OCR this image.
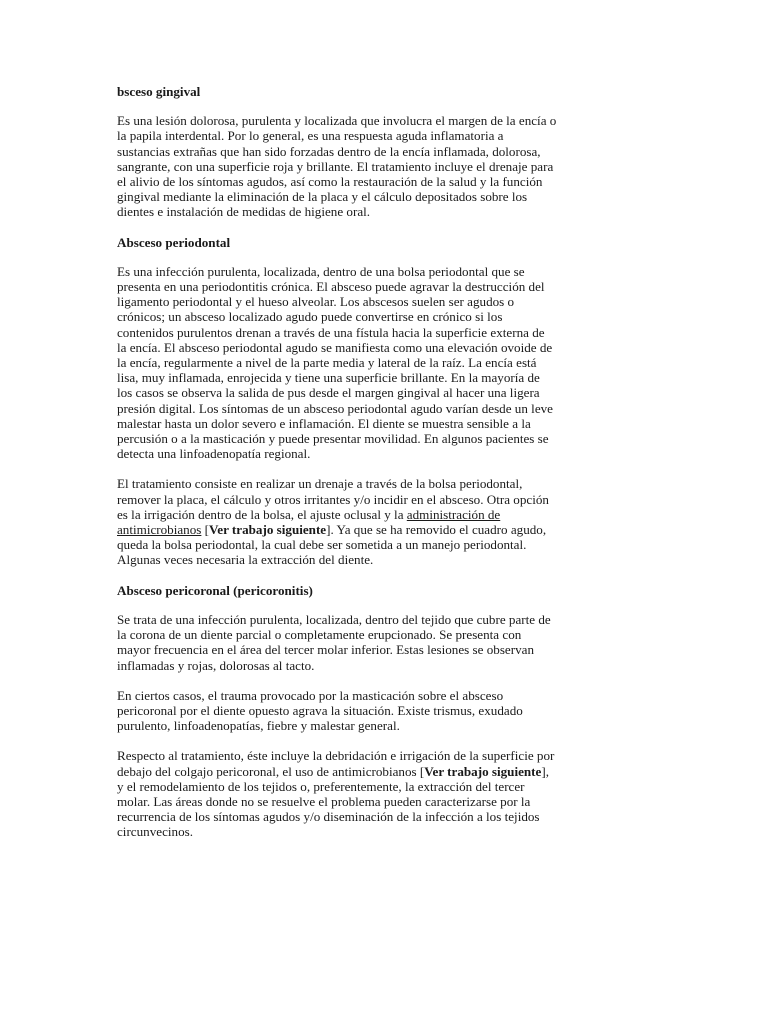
bsceso gingival

Es una lesión dolorosa, purulenta y localizada que involucra el margen de la encía o la papila interdental. Por lo general, es una respuesta aguda inflamatoria a sustancias extrañas que han sido forzadas dentro de la encía inflamada, dolorosa, sangrante, con una superficie roja y brillante. El tratamiento incluye el drenaje para el alivio de los síntomas agudos, así como la restauración de la salud y la función gingival mediante la eliminación de la placa y el cálculo depositados sobre los dientes e instalación de medidas de higiene oral.

Absceso periodontal

Es una infección purulenta, localizada, dentro de una bolsa periodontal que se presenta en una periodontitis crónica. El absceso puede agravar la destrucción del ligamento periodontal y el hueso alveolar. Los abscesos suelen ser agudos o crónicos; un absceso localizado agudo puede convertirse en crónico si los contenidos purulentos drenan a través de una fístula hacia la superficie externa de la encía. El absceso periodontal agudo se manifiesta como una elevación ovoide de la encía, regularmente a nivel de la parte media y lateral de la raíz. La encía está lisa, muy inflamada, enrojecida y tiene una superficie brillante. En la mayoría de los casos se observa la salida de pus desde el margen gingival al hacer una ligera presión digital. Los síntomas de un absceso periodontal agudo varían desde un leve malestar hasta un dolor severo e inflamación. El diente se muestra sensible a la percusión o a la masticación y puede presentar movilidad. En algunos pacientes se detecta una linfoadenopatía regional.

El tratamiento consiste en realizar un drenaje a través de la bolsa periodontal, remover la placa, el cálculo y otros irritantes y/o incidir en el absceso. Otra opción es la irrigación dentro de la bolsa, el ajuste oclusal y la administración de antimicrobianos [Ver trabajo siguiente]. Ya que se ha removido el cuadro agudo, queda la bolsa periodontal, la cual debe ser sometida a un manejo periodontal. Algunas veces necesaria la extracción del diente.

Absceso pericoronal (pericoronitis)

Se trata de una infección purulenta, localizada, dentro del tejido que cubre parte de la corona de un diente parcial o completamente erupcionado. Se presenta con mayor frecuencia en el área del tercer molar inferior. Estas lesiones se observan inflamadas y rojas, dolorosas al tacto.

En ciertos casos, el trauma provocado por la masticación sobre el absceso pericoronal por el diente opuesto agrava la situación. Existe trismus, exudado purulento, linfoadenopatías, fiebre y malestar general.

Respecto al tratamiento, éste incluye la debridación e irrigación de la superficie por debajo del colgajo pericoronal, el uso de antimicrobianos [Ver trabajo siguiente], y el remodelamiento de los tejidos o, preferentemente, la extracción del tercer molar. Las áreas donde no se resuelve el problema pueden caracterizarse por la recurrencia de los síntomas agudos y/o diseminación de la infección a los tejidos circunvecinos.
